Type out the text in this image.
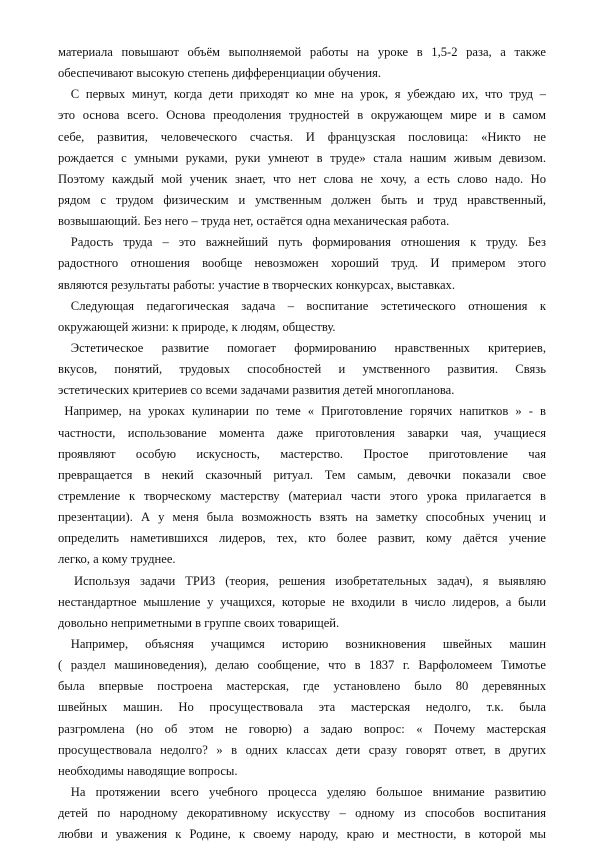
материала повышают объём выполняемой работы на уроке в 1,5-2 раза, а также
обеспечивают высокую степень дифференциации обучения.
С первых минут, когда дети приходят ко мне на урок, я убеждаю их, что труд –
это основа всего. Основа преодоления трудностей в окружающем мире и в самом
себе, развития, человеческого счастья. И французская пословица: «Никто не
рождается с умными руками, руки умнеют в труде» стала нашим живым девизом.
Поэтому каждый мой ученик знает, что нет слова не хочу, а есть слово надо. Но
рядом с трудом физическим и умственным должен быть и труд нравственный,
возвышающий. Без него – труда нет, остаётся одна механическая работа.
Радость труда – это важнейший путь формирования отношения к труду. Без
радостного отношения вообще невозможен хороший труд. И примером этого
являются результаты работы: участие в творческих конкурсах, выставках.
Следующая педагогическая задача – воспитание эстетического отношения к
окружающей жизни: к природе, к людям, обществу.
Эстетическое развитие помогает формированию нравственных критериев,
вкусов, понятий, трудовых способностей и умственного развития. Связь
эстетических критериев со всеми задачами развития детей многопланова.
Например, на уроках кулинарии по теме « Приготовление горячих напитков » - в
частности, использование момента даже приготовления заварки чая, учащиеся
проявляют особую искусность, мастерство. Простое приготовление чая
превращается в некий сказочный ритуал. Тем самым, девочки показали свое
стремление к творческому мастерству (материал части этого урока прилагается в
презентации). А у меня была возможность взять на заметку способных учениц и
определить наметившихся лидеров, тех, кто более развит, кому даётся учение
легко, а кому труднее.
Используя задачи ТРИЗ (теория, решения изобретательных задач), я выявляю
нестандартное мышление у учащихся, которые не входили в число лидеров, а были
довольно неприметными в группе своих товарищей.
Например, объясняя учащимся историю возникновения швейных машин
( раздел машиноведения), делаю сообщение, что в 1837 г. Варфоломеем Тимотье
была впервые построена мастерская, где установлено было 80 деревянных
швейных машин. Но просуществовала эта мастерская недолго, т.к. была
разгромлена (но об этом не говорю) а задаю вопрос: « Почему мастерская
просуществовала недолго? » в одних классах дети сразу говорят ответ, в других
необходимы наводящие вопросы.
На протяжении всего учебного процесса уделяю большое внимание развитию
детей по народному декоративному искусству – одному из способов воспитания
любви и уважения к Родине, к своему народу, краю и местности, в которой мы
